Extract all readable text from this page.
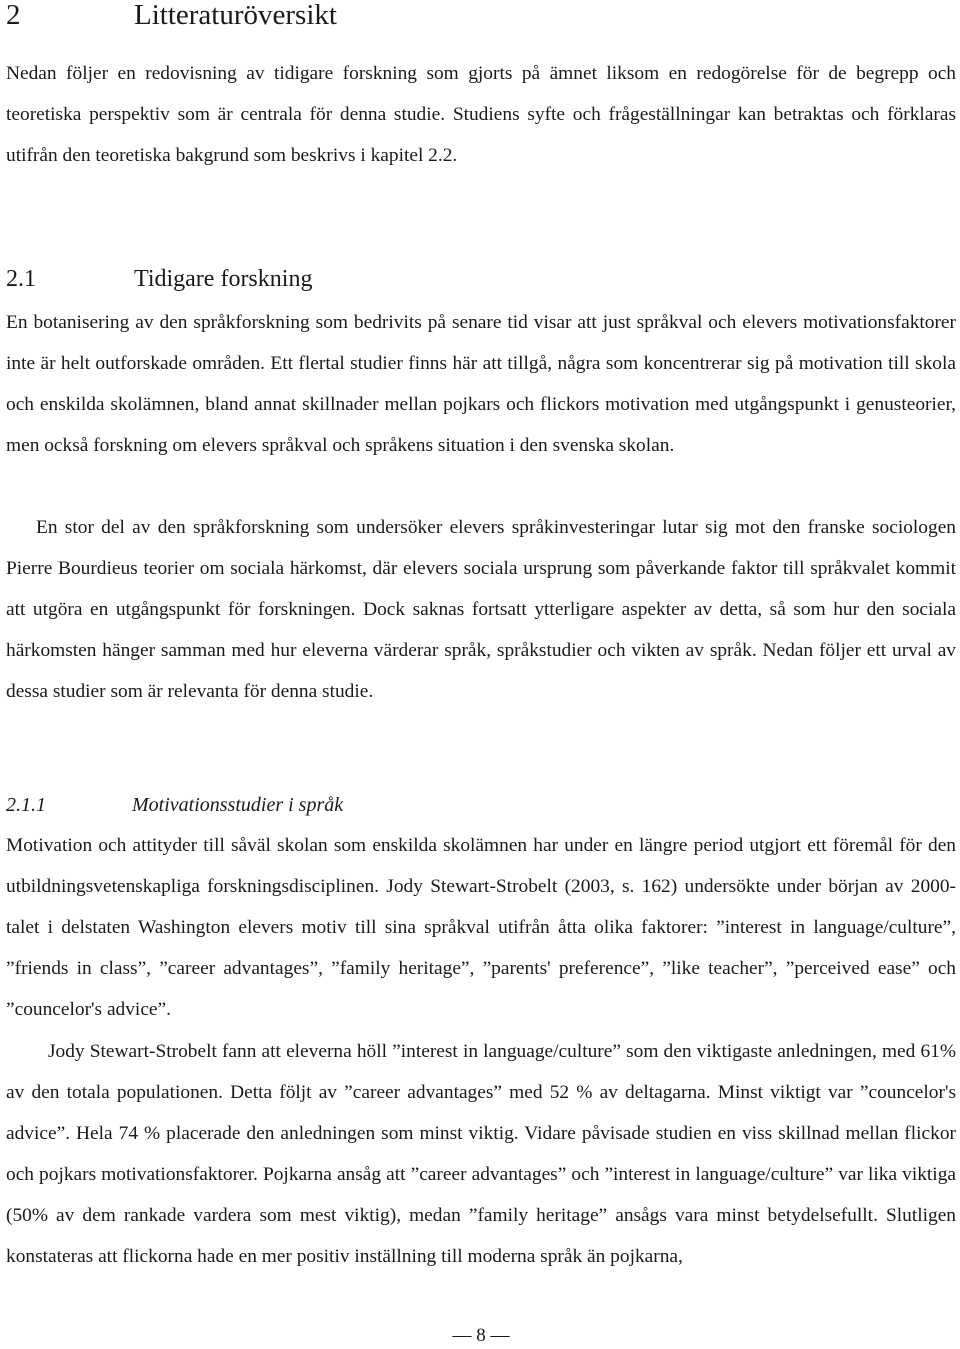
2	Litteraturöversikt

Nedan följer en redovisning av tidigare forskning som gjorts på ämnet liksom en redogörelse för de begrepp och teoretiska perspektiv som är centrala för denna studie. Studiens syfte och frågeställningar kan betraktas och förklaras utifrån den teoretiska bakgrund som beskrivs i kapitel 2.2.

2.1	Tidigare forskning

En botanisering av den språkforskning som bedrivits på senare tid visar att just språkval och elevers motivationsfaktorer inte är helt outforskade områden. Ett flertal studier finns här att tillgå, några som koncentrerar sig på motivation till skola och enskilda skolämnen, bland annat skillnader mellan pojkars och flickors motivation med utgångspunkt i genusteorier, men också forskning om elevers språkval och språkens situation i den svenska skolan.

En stor del av den språkforskning som undersöker elevers språkinvesteringar lutar sig mot den franske sociologen Pierre Bourdieus teorier om sociala härkomst, där elevers sociala ursprung som påverkande faktor till språkvalet kommit att utgöra en utgångspunkt för forskningen. Dock saknas fortsatt ytterligare aspekter av detta, så som hur den sociala härkomsten hänger samman med hur eleverna värderar språk, språkstudier och vikten av språk. Nedan följer ett urval av dessa studier som är relevanta för denna studie.

2.1.1	Motivationsstudier i språk

Motivation och attityder till såväl skolan som enskilda skolämnen har under en längre period utgjort ett föremål för den utbildningsvetenskapliga forskningsdisciplinen. Jody Stewart-Strobelt (2003, s. 162) undersökte under början av 2000-talet i delstaten Washington elevers motiv till sina språkval utifrån åtta olika faktorer: ”interest in language/culture”, ”friends in class”, ”career advantages”, ”family heritage”, ”parents' preference”, ”like teacher”, ”perceived ease” och ”councelor's advice”.

Jody Stewart-Strobelt fann att eleverna höll ”interest in language/culture” som den viktigaste anledningen, med 61% av den totala populationen. Detta följt av ”career advantages” med 52 % av deltagarna. Minst viktigt var ”councelor's advice”. Hela 74 % placerade den anledningen som minst viktig. Vidare påvisade studien en viss skillnad mellan flickor och pojkars motivationsfaktorer. Pojkarna ansåg att ”career advantages” och ”interest in language/culture” var lika viktiga (50% av dem rankade vardera som mest viktig), medan ”family heritage” ansågs vara minst betydelsefullt. Slutligen konstateras att flickorna hade en mer positiv inställning till moderna språk än pojkarna,

— 8 —
